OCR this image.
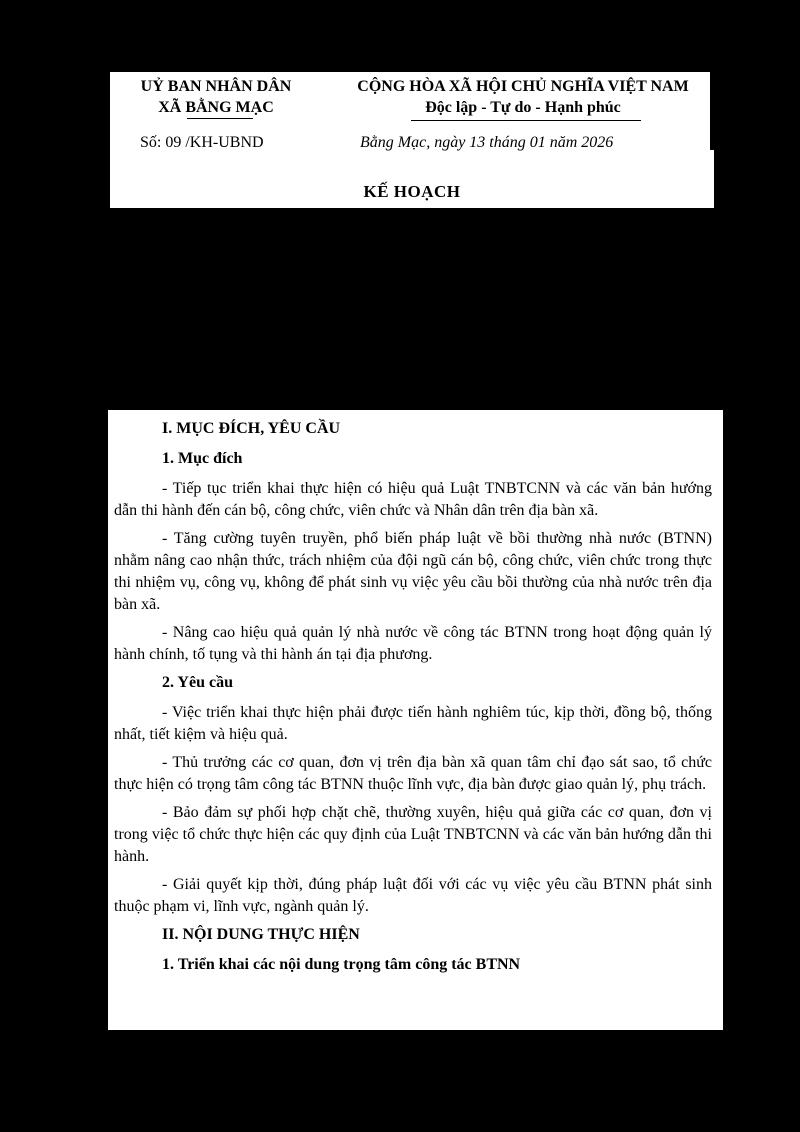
UỶ BAN NHÂN DÂN
XÃ BẰNG MẠC
CỘNG HÒA XÃ HỘI CHỦ NGHĨA VIỆT NAM
Độc lập - Tự do - Hạnh phúc
Số: 09 /KH-UBND	Bằng Mạc, ngày 13 tháng 01 năm 2026
KẾ HOẠCH

I. MỤC ĐÍCH, YÊU CẦU

1. Mục đích

- Tiếp tục triển khai thực hiện có hiệu quả Luật TNBTCNN và các văn bản hướng dẫn thi hành đến cán bộ, công chức, viên chức và Nhân dân trên địa bàn xã.

- Tăng cường tuyên truyền, phổ biến pháp luật về bồi thường nhà nước (BTNN) nhằm nâng cao nhận thức, trách nhiệm của đội ngũ cán bộ, công chức, viên chức trong thực thi nhiệm vụ, công vụ, không để phát sinh vụ việc yêu cầu bồi thường của nhà nước trên địa bàn xã.

- Nâng cao hiệu quả quản lý nhà nước về công tác BTNN trong hoạt động quản lý hành chính, tố tụng và thi hành án tại địa phương.

2. Yêu cầu

- Việc triển khai thực hiện phải được tiến hành nghiêm túc, kịp thời, đồng bộ, thống nhất, tiết kiệm và hiệu quả.

- Thủ trưởng các cơ quan, đơn vị trên địa bàn xã quan tâm chỉ đạo sát sao, tổ chức thực hiện có trọng tâm công tác BTNN thuộc lĩnh vực, địa bàn được giao quản lý, phụ trách.

- Bảo đảm sự phối hợp chặt chẽ, thường xuyên, hiệu quả giữa các cơ quan, đơn vị trong việc tổ chức thực hiện các quy định của Luật TNBTCNN và các văn bản hướng dẫn thi hành.

- Giải quyết kịp thời, đúng pháp luật đối với các vụ việc yêu cầu BTNN phát sinh thuộc phạm vi, lĩnh vực, ngành quản lý.

II. NỘI DUNG THỰC HIỆN

1. Triển khai các nội dung trọng tâm công tác BTNN
